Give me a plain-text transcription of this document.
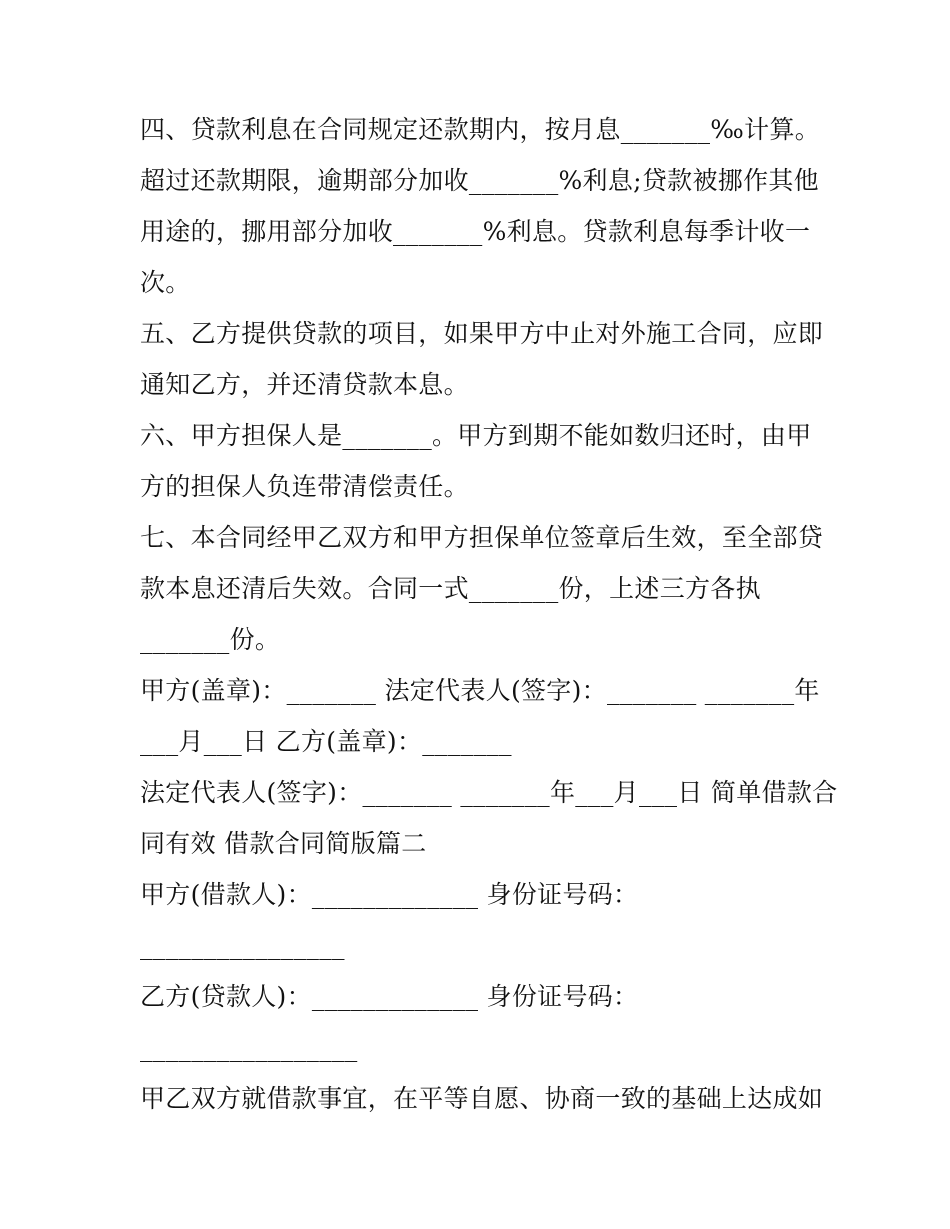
四、贷款利息在合同规定还款期内，按月息_______‰计算。
超过还款期限，逾期部分加收_______%利息;贷款被挪作其他
用途的，挪用部分加收_______%利息。贷款利息每季计收一
次。
五、乙方提供贷款的项目，如果甲方中止对外施工合同，应即
通知乙方，并还清贷款本息。
六、甲方担保人是_______。甲方到期不能如数归还时，由甲
方的担保人负连带清偿责任。
七、本合同经甲乙双方和甲方担保单位签章后生效，至全部贷
款本息还清后失效。合同一式_______份，上述三方各执
_______份。
甲方(盖章)：_______ 法定代表人(签字)：_______ _______年
___月___日 乙方(盖章)：_______
法定代表人(签字)：_______ _______年___月___日 简单借款合
同有效 借款合同简版篇二
甲方(借款人)：_____________ 身份证号码：
________________
乙方(贷款人)：_____________ 身份证号码：
_________________
甲乙双方就借款事宜，在平等自愿、协商一致的基础上达成如
